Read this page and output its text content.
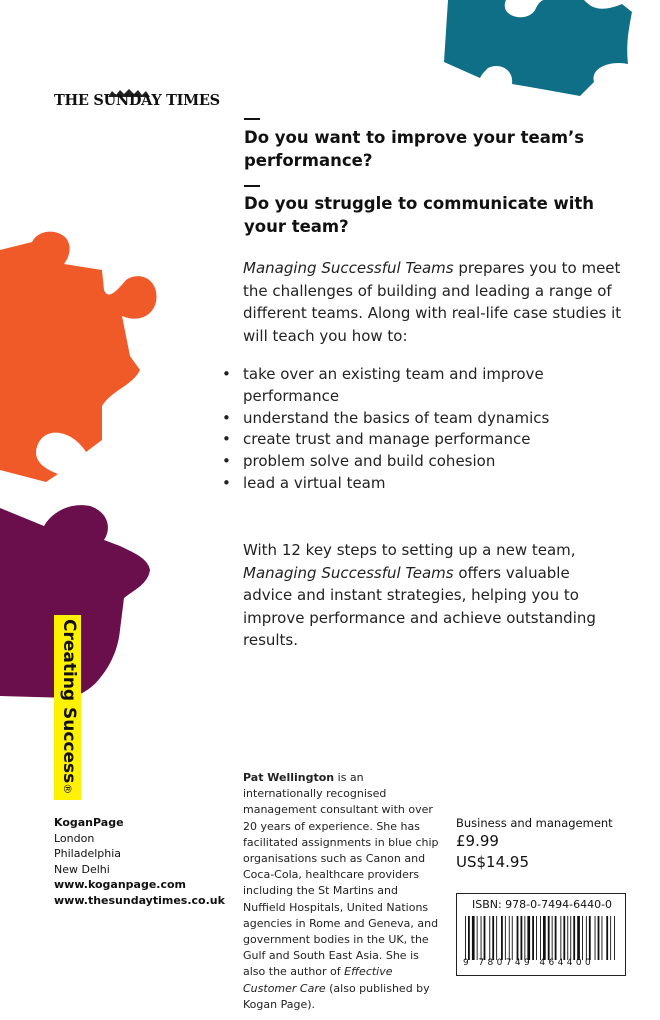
THE SUNDAY TIMES
Do you want to improve your team’s performance?
Do you struggle to communicate with your team?
Managing Successful Teams prepares you to meet the challenges of building and leading a range of different teams. Along with real-life case studies it will teach you how to:
• take over an existing team and improve performance
• understand the basics of team dynamics
• create trust and manage performance
• problem solve and build cohesion
• lead a virtual team
With 12 key steps to setting up a new team,
Managing Successful Teams offers valuable advice and instant strategies, helping you to improve performance and achieve outstanding results.
Creating Success®
Pat Wellington is an internationally recognised management consultant with over 20 years of experience. She has facilitated assignments in blue chip organisations such as Canon and Coca-Cola, healthcare providers including the St Martins and Nuffield Hospitals, United Nations agencies in Rome and Geneva, and government bodies in the UK, the Gulf and South East Asia. She is also the author of Effective Customer Care (also published by Kogan Page).
KoganPage
London
Philadelphia
New Delhi
www.koganpage.com
www.thesundaytimes.co.uk
Business and management
£9.99
US$14.95
ISBN: 978-0-7494-6440-0
9 780749 464400
